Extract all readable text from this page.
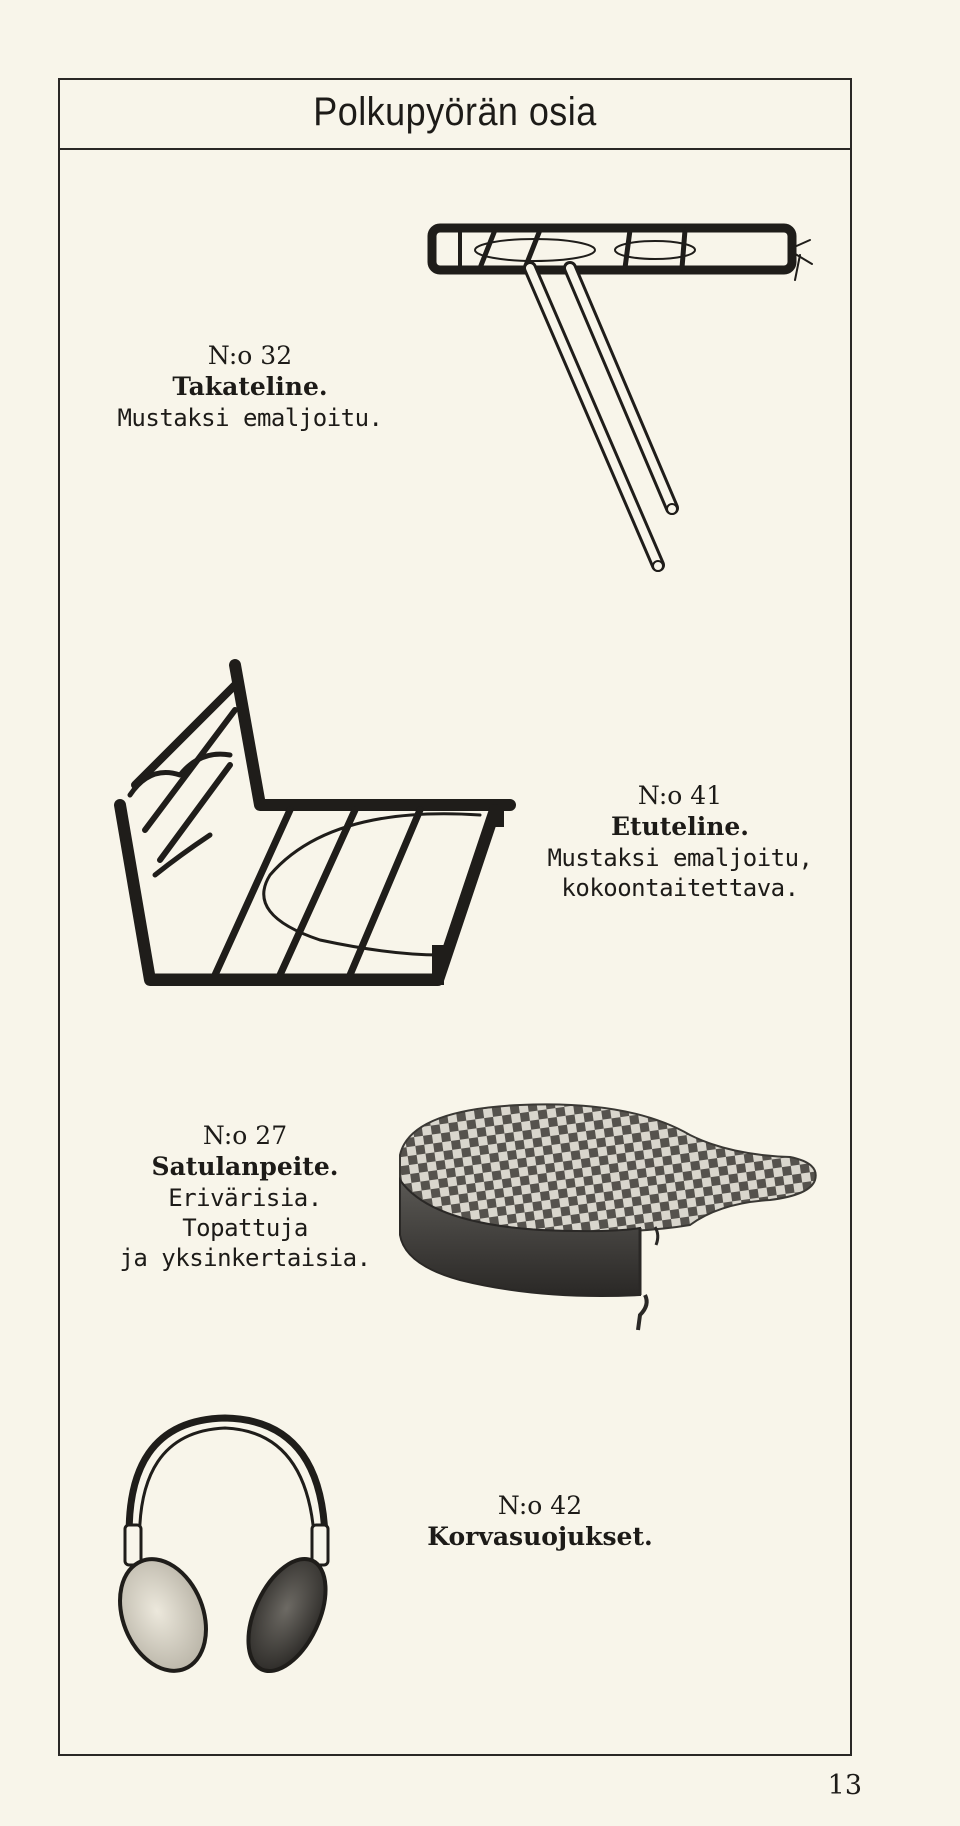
Polkupyörän osia
N:o 32
Takateline.
Mustaksi emaljoitu.
N:o 41
Etuteline.
Mustaksi emaljoitu,
kokoontaitettava.
N:o 27
Satulanpeite.
Erivärisia. Topattuja
ja yksinkertaisia.
N:o 42
Korvasuojukset.
13
